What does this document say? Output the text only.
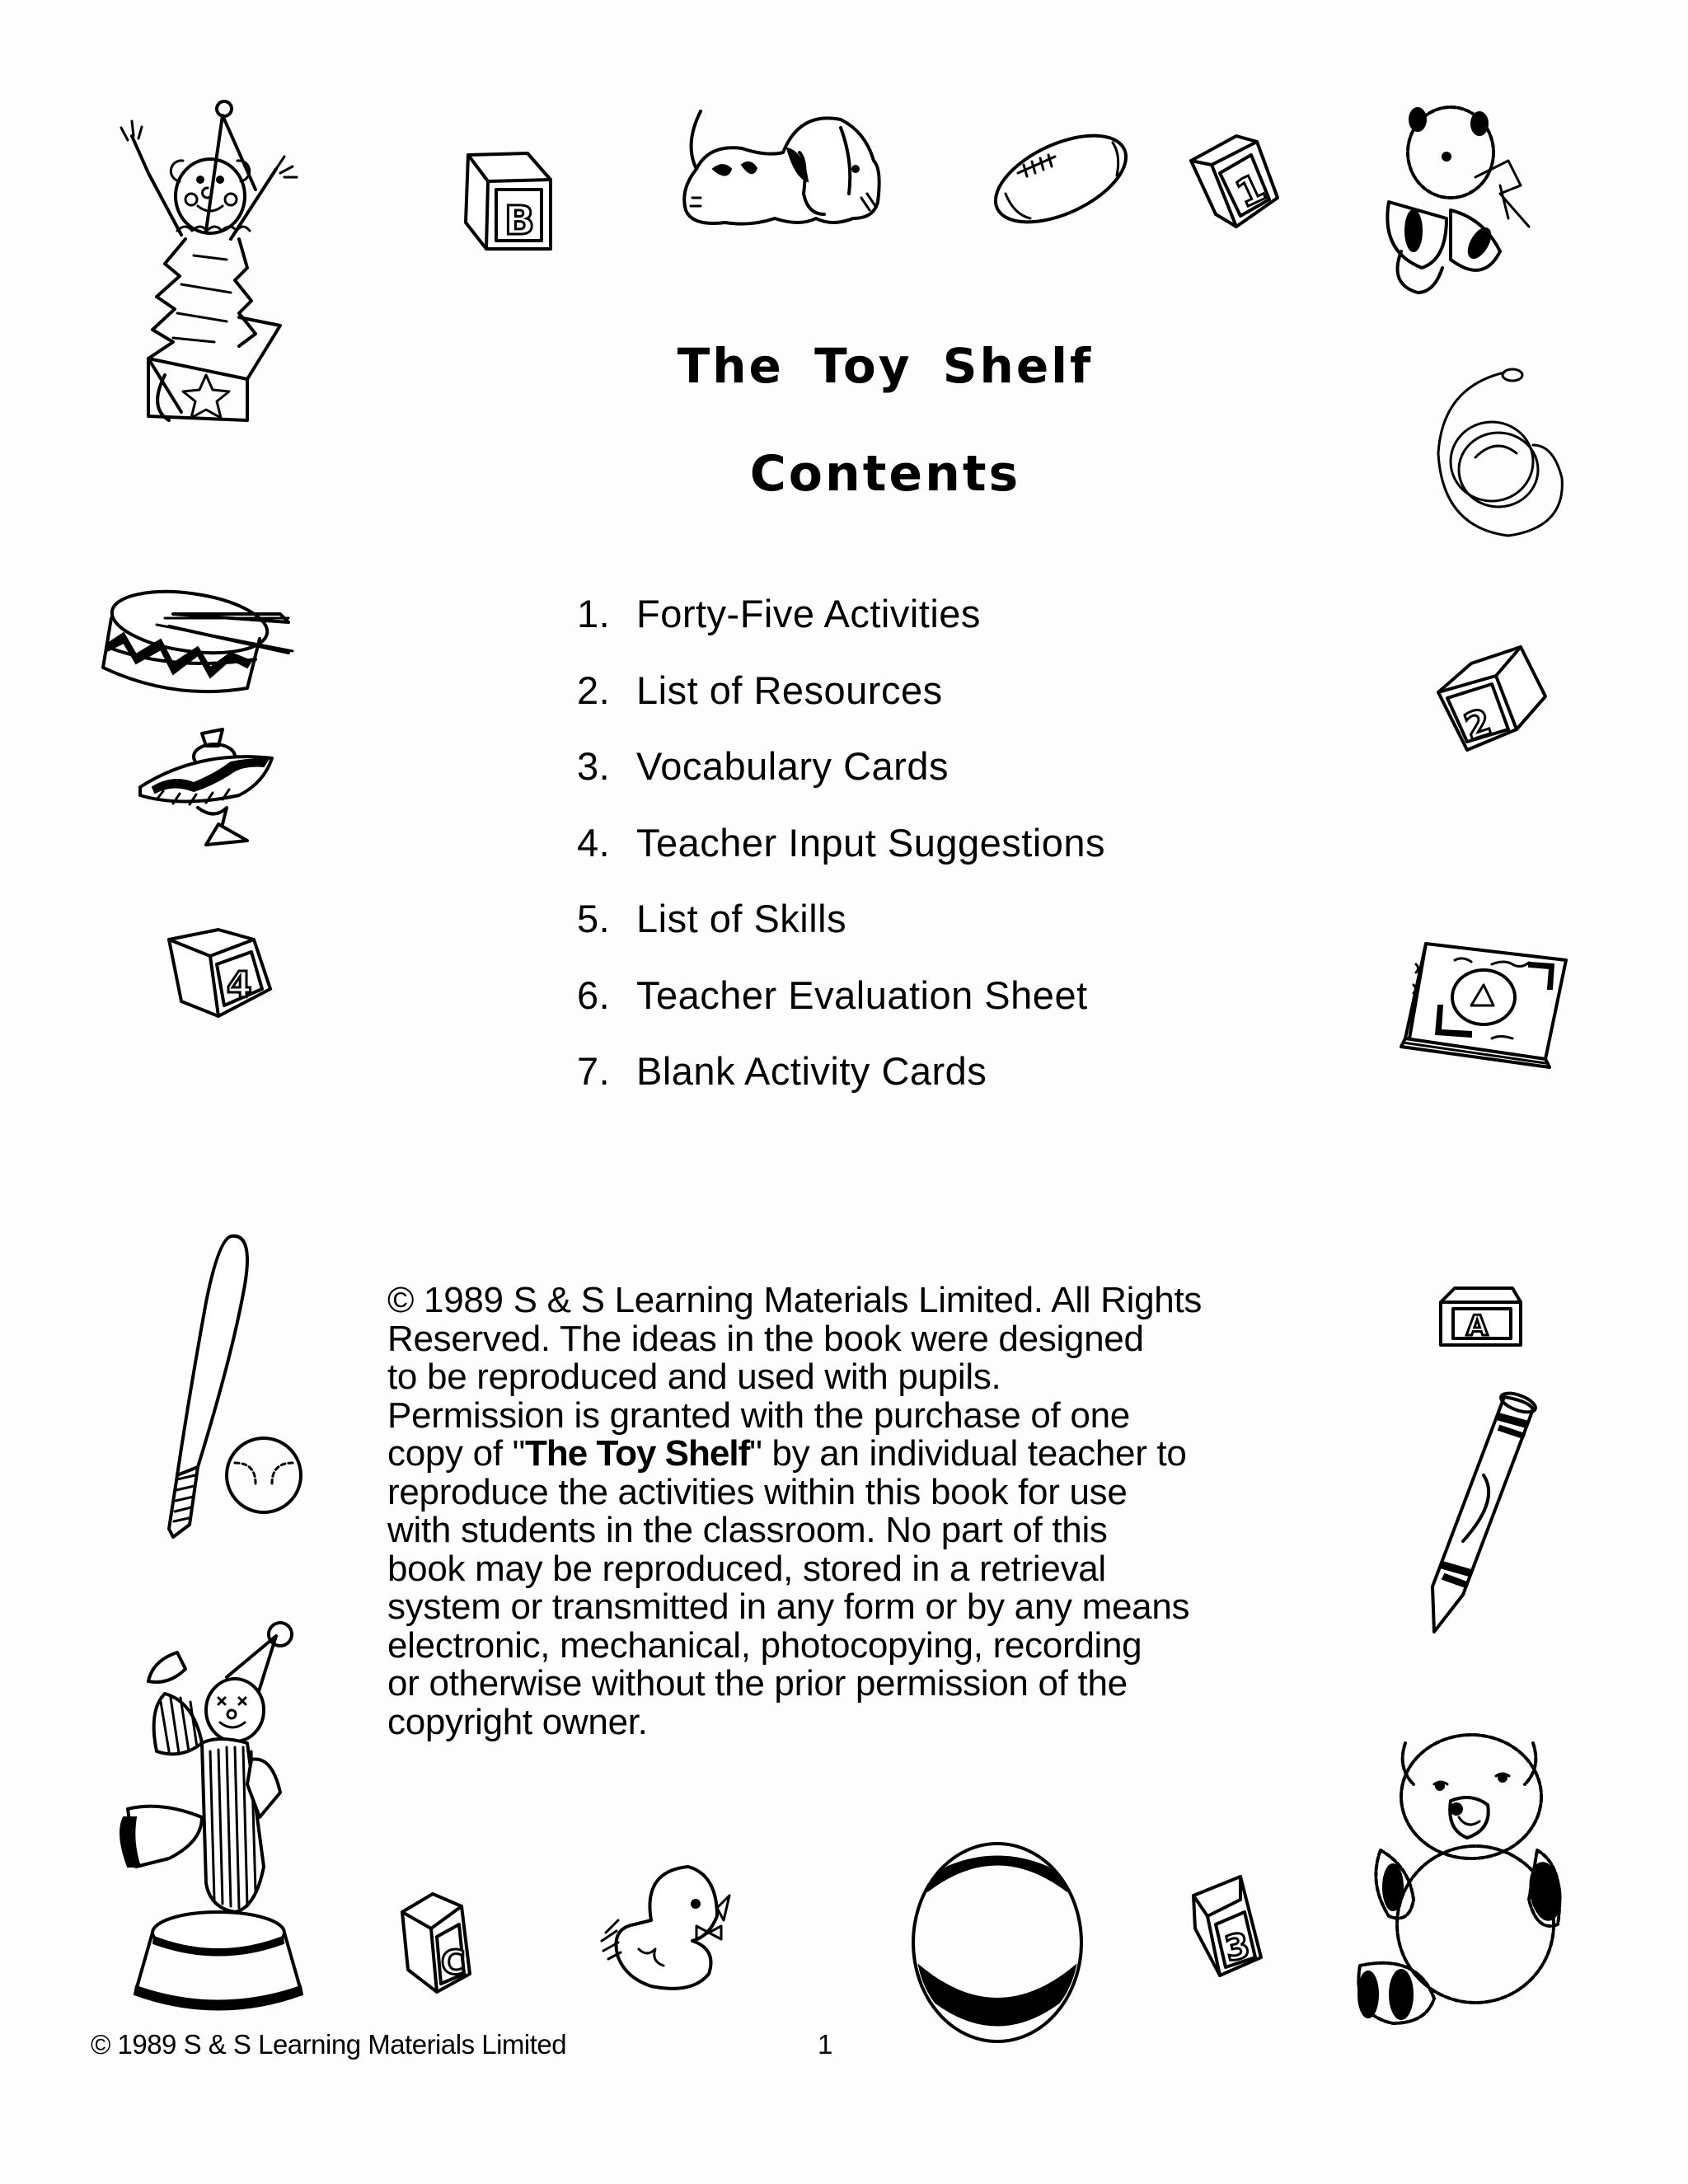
The Toy Shelf
Contents
1. Forty-Five Activities
2. List of Resources
3. Vocabulary Cards
4. Teacher Input Suggestions
5. List of Skills
6. Teacher Evaluation Sheet
7. Blank Activity Cards

© 1989 S & S Learning Materials Limited. All Rights
Reserved. The ideas in the book were designed
to be reproduced and used with pupils.
Permission is granted with the purchase of one
copy of "The Toy Shelf" by an individual teacher to
reproduce the activities within this book for use
with students in the classroom. No part of this
book may be reproduced, stored in a retrieval
system or transmitted in any form or by any means
electronic, mechanical, photocopying, recording
or otherwise without the prior permission of the
copyright owner.

© 1989 S & S Learning Materials Limited	1
B
1
4
2
A
C	3
